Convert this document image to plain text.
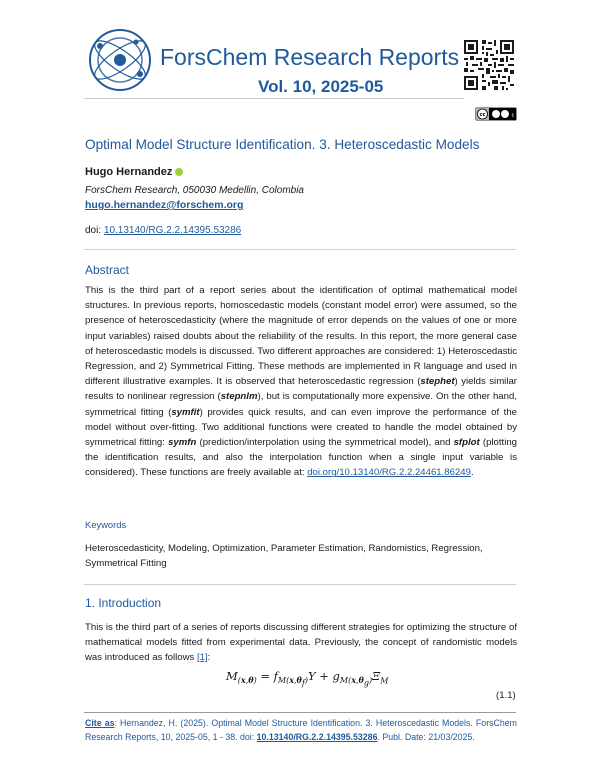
ForsChem Research Reports
Vol. 10, 2025-05
cc	$
Optimal Model Structure Identification. 3. Heteroscedastic Models
Hugo Hernandez
ForsChem Research, 050030 Medellin, Colombia
hugo.hernandez@forschem.org
doi: 10.13140/RG.2.2.14395.53286
Abstract
This is the third part of a report series about the identification of optimal mathematical model structures. In previous reports, homoscedastic models (constant model error) were assumed, so the presence of heteroscedasticity (where the magnitude of error depends on the values of one or more input variables) raised doubts about the reliability of the results. In this report, the more general case of heteroscedastic models is discussed. Two different approaches are considered: 1) Heteroscedastic Regression, and 2) Symmetrical Fitting. These methods are implemented in R language and used in different illustrative examples. It is observed that heteroscedastic regression (stephet) yields similar results to nonlinear regression (stepnlm), but is computationally more expensive. On the other hand, symmetrical fitting (symfit) provides quick results, and can even improve the performance of the model without over-fitting. Two additional functions were created to handle the model obtained by symmetrical fitting: symfn (prediction/interpolation using the symmetrical model), and sfplot (plotting the identification results, and also the interpolation function when a single input variable is considered). These functions are freely available at: doi.org/10.13140/RG.2.2.24461.86249.
Keywords
Heteroscedasticity, Modeling, Optimization, Parameter Estimation, Randomistics, Regression, Symmetrical Fitting
1. Introduction
This is the third part of a series of reports discussing different strategies for optimizing the structure of mathematical models fitted from experimental data. Previously, the concept of randomistic models was introduced as follows [1]:
$M_{(x,\theta)} = f_{M(x,\theta_f)}\Upsilon + g_{M(x,\theta_g)}\Xi_M$
(1.1)
Cite as: Hernandez, H. (2025). Optimal Model Structure Identification. 3. Heteroscedastic Models. ForsChem Research Reports, 10, 2025-05, 1 - 38. doi: 10.13140/RG.2.2.14395.53286. Publ. Date: 21/03/2025.
